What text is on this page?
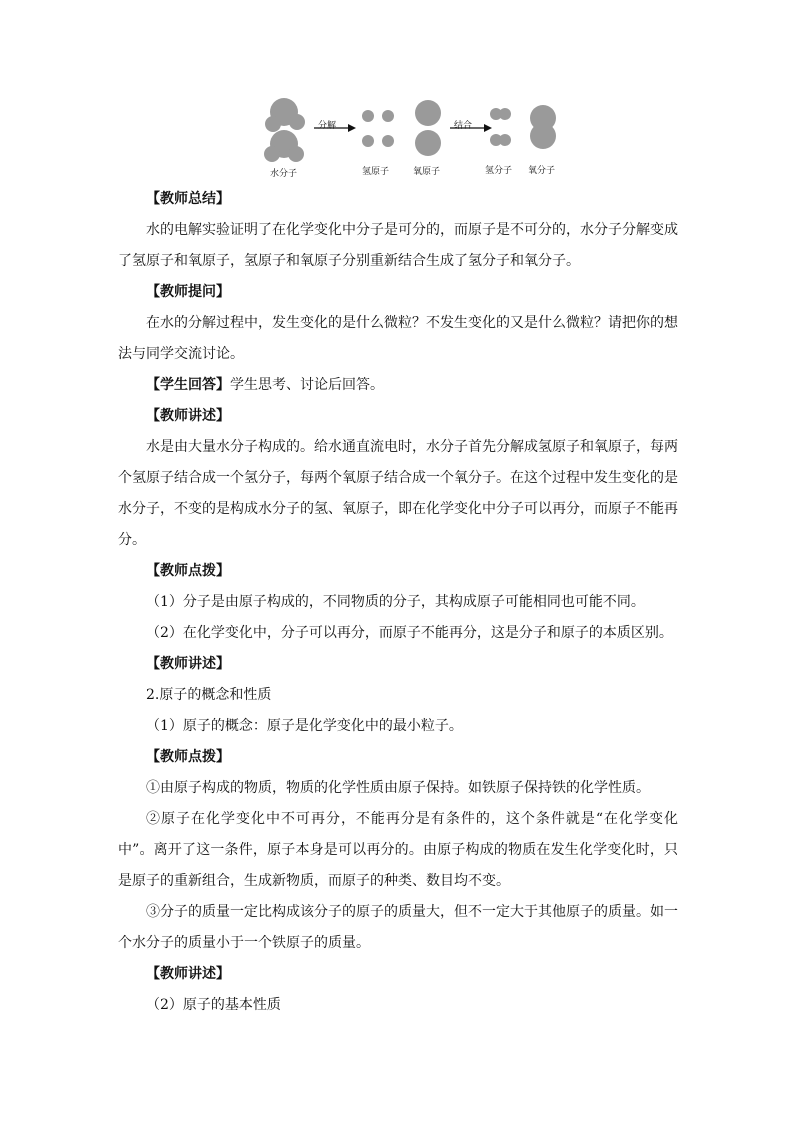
水分子
分解
氢原子	氧原子
结合
氢分子 氧分子

【教师总结】

水的电解实验证明了在化学变化中分子是可分的，而原子是不可分的，水分子分解变成了氢原子和氧原子，氢原子和氧原子分别重新结合生成了氢分子和氧分子。

【教师提问】

在水的分解过程中，发生变化的是什么微粒？不发生变化的又是什么微粒？请把你的想法与同学交流讨论。

【学生回答】学生思考、讨论后回答。

【教师讲述】

水是由大量水分子构成的。给水通直流电时，水分子首先分解成氢原子和氧原子，每两个氢原子结合成一个氢分子，每两个氧原子结合成一个氧分子。在这个过程中发生变化的是水分子，不变的是构成水分子的氢、氧原子，即在化学变化中分子可以再分，而原子不能再分。

【教师点拨】

（1）分子是由原子构成的，不同物质的分子，其构成原子可能相同也可能不同。

（2）在化学变化中，分子可以再分，而原子不能再分，这是分子和原子的本质区别。

【教师讲述】

2.原子的概念和性质

（1）原子的概念：原子是化学变化中的最小粒子。

【教师点拨】

①由原子构成的物质，物质的化学性质由原子保持。如铁原子保持铁的化学性质。

②原子在化学变化中不可再分，不能再分是有条件的，这个条件就是“在化学变化中”。离开了这一条件，原子本身是可以再分的。由原子构成的物质在发生化学变化时，只是原子的重新组合，生成新物质，而原子的种类、数目均不变。

③分子的质量一定比构成该分子的原子的质量大，但不一定大于其他原子的质量。如一个水分子的质量小于一个铁原子的质量。

【教师讲述】

（2）原子的基本性质
